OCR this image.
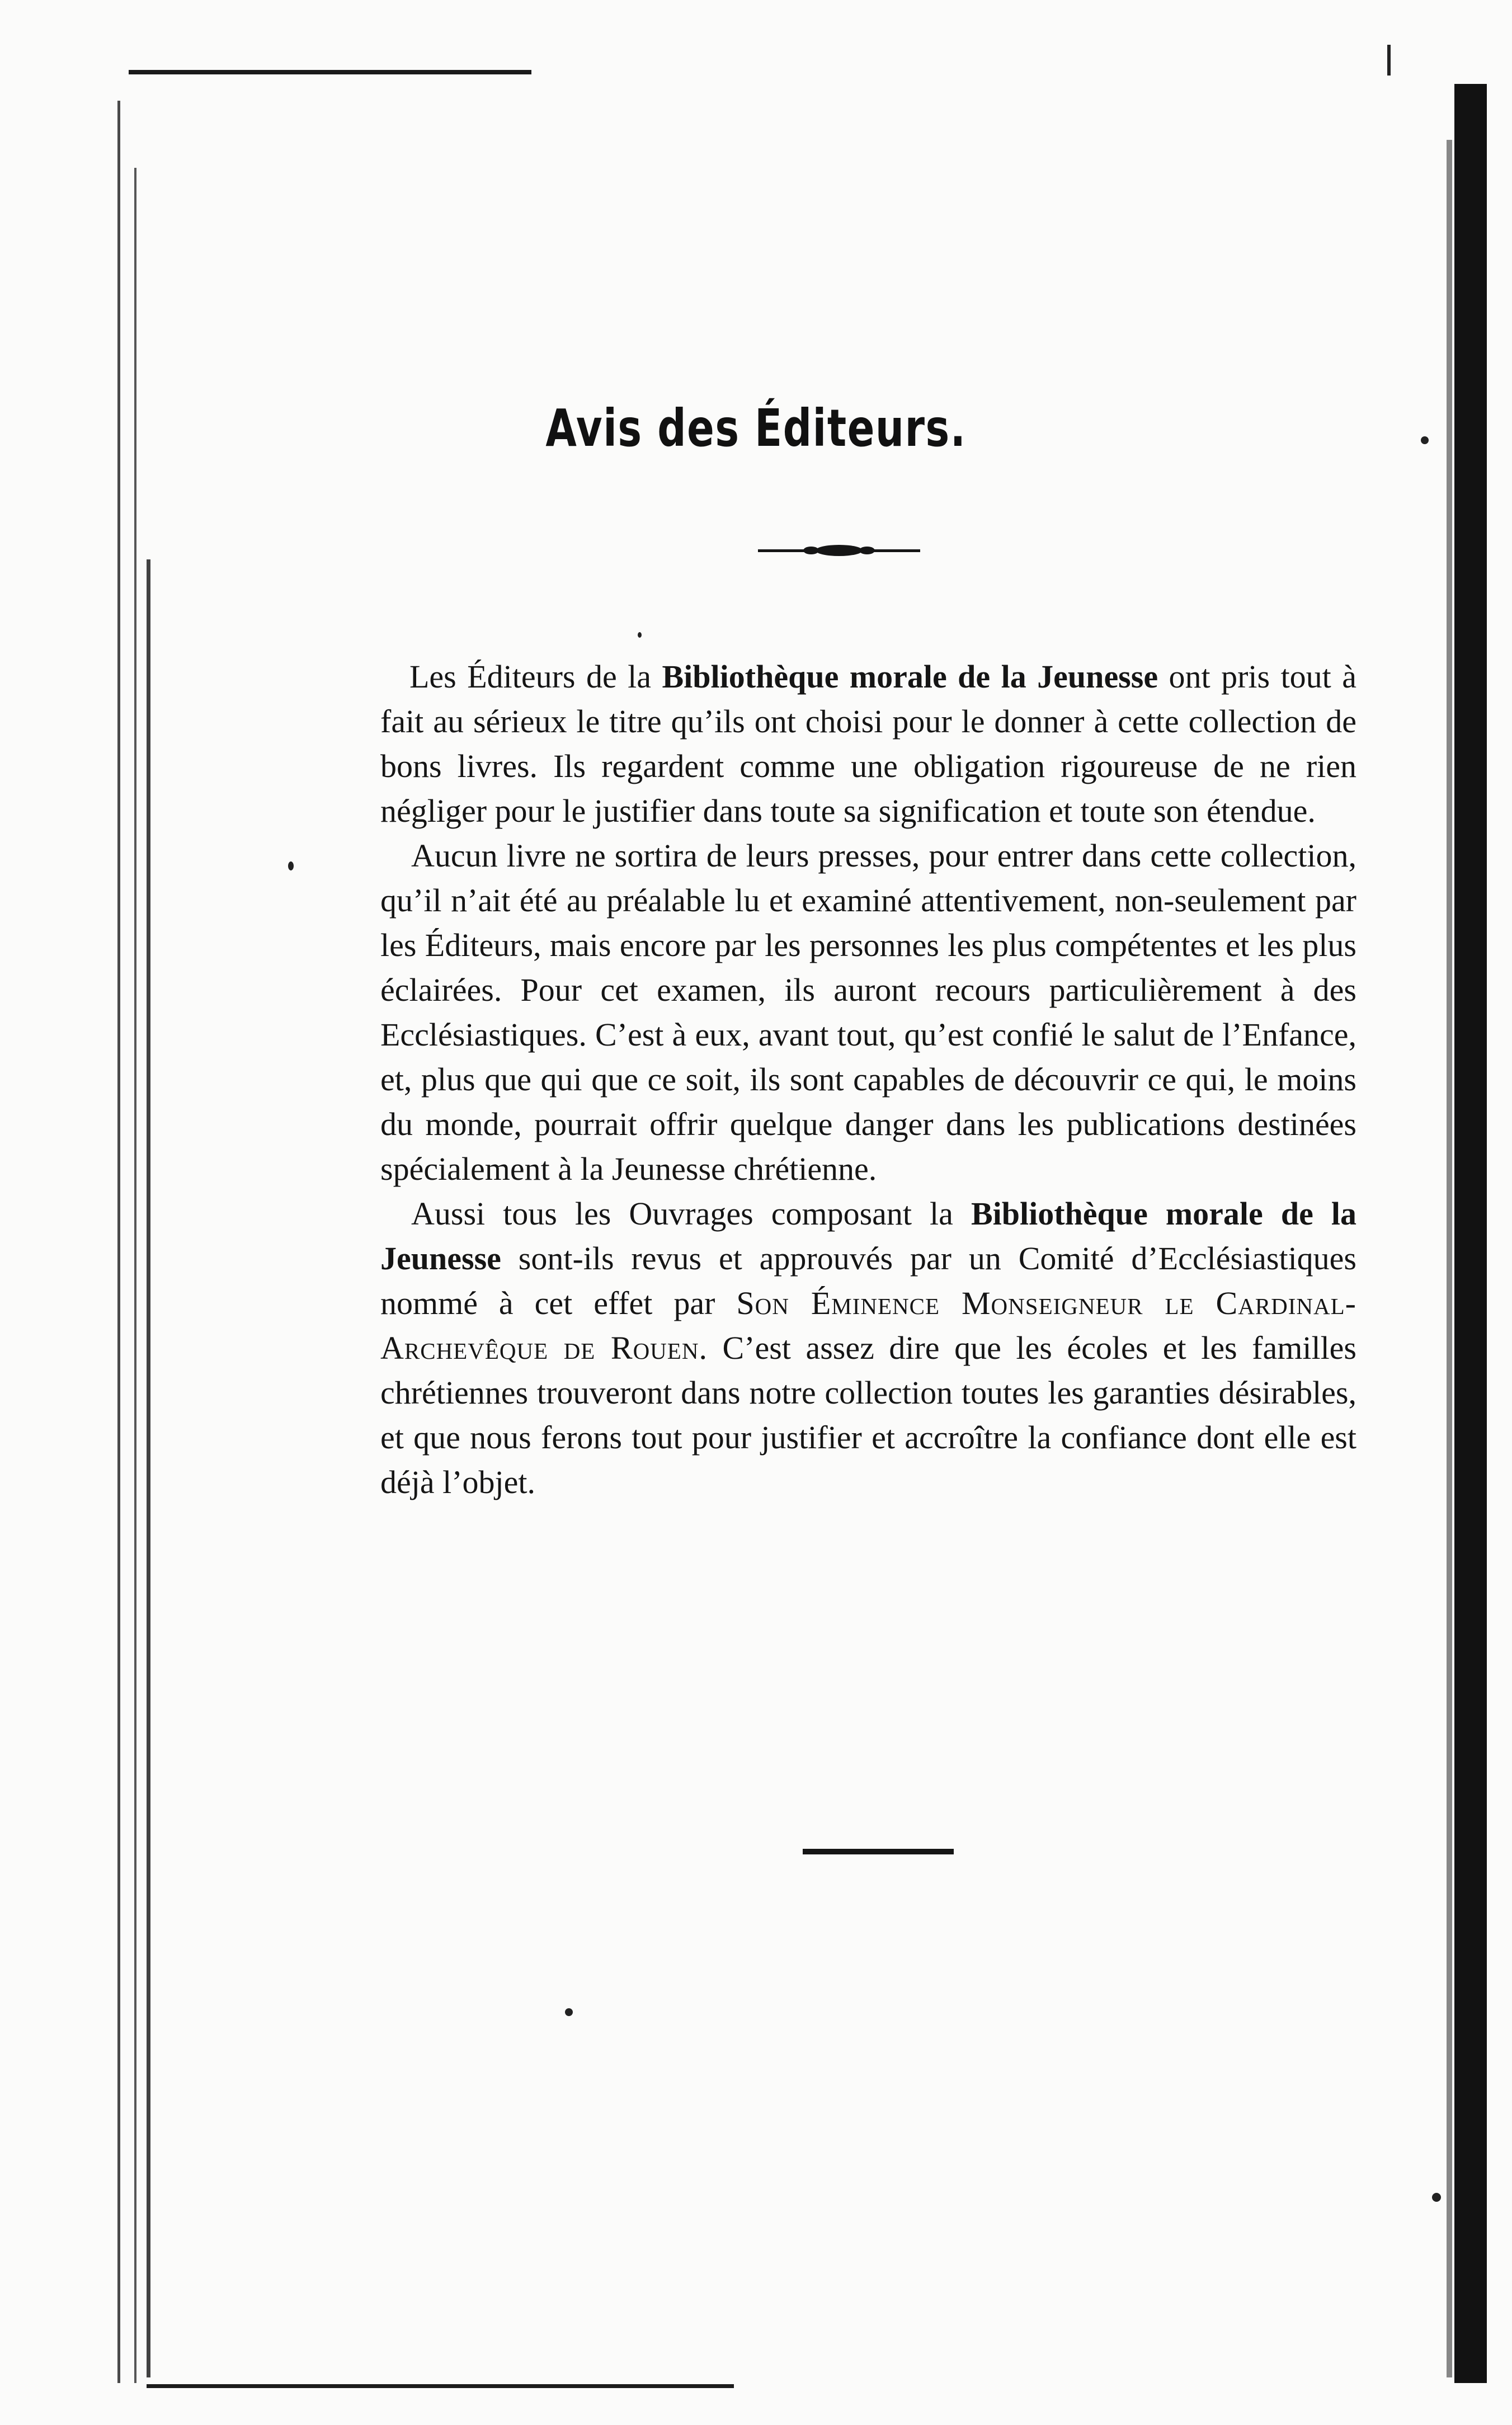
Avis des Éditeurs.

Les Éditeurs de la Bibliothèque morale de la Jeunesse ont pris tout à fait au sérieux le titre qu’ils ont choisi pour le donner à cette collection de bons livres. Ils regardent comme une obligation rigoureuse de ne rien négliger pour le justifier dans toute sa signification et toute son étendue.

Aucun livre ne sortira de leurs presses, pour entrer dans cette collection, qu’il n’ait été au préalable lu et examiné attentivement, non-seulement par les Éditeurs, mais encore par les personnes les plus compétentes et les plus éclairées. Pour cet examen, ils auront recours particulièrement à des Ecclésiastiques. C’est à eux, avant tout, qu’est confié le salut de l’Enfance, et, plus que qui que ce soit, ils sont capables de découvrir ce qui, le moins du monde, pourrait offrir quelque danger dans les publications destinées spécialement à la Jeunesse chrétienne.

Aussi tous les Ouvrages composant la Bibliothèque morale de la Jeunesse sont-ils revus et approuvés par un Comité d’Ecclésiastiques nommé à cet effet par Son Éminence Monseigneur le Cardinal-Archevêque de Rouen. C’est assez dire que les écoles et les familles chrétiennes trouveront dans notre collection toutes les garanties désirables, et que nous ferons tout pour justifier et accroître la confiance dont elle est déjà l’objet.
